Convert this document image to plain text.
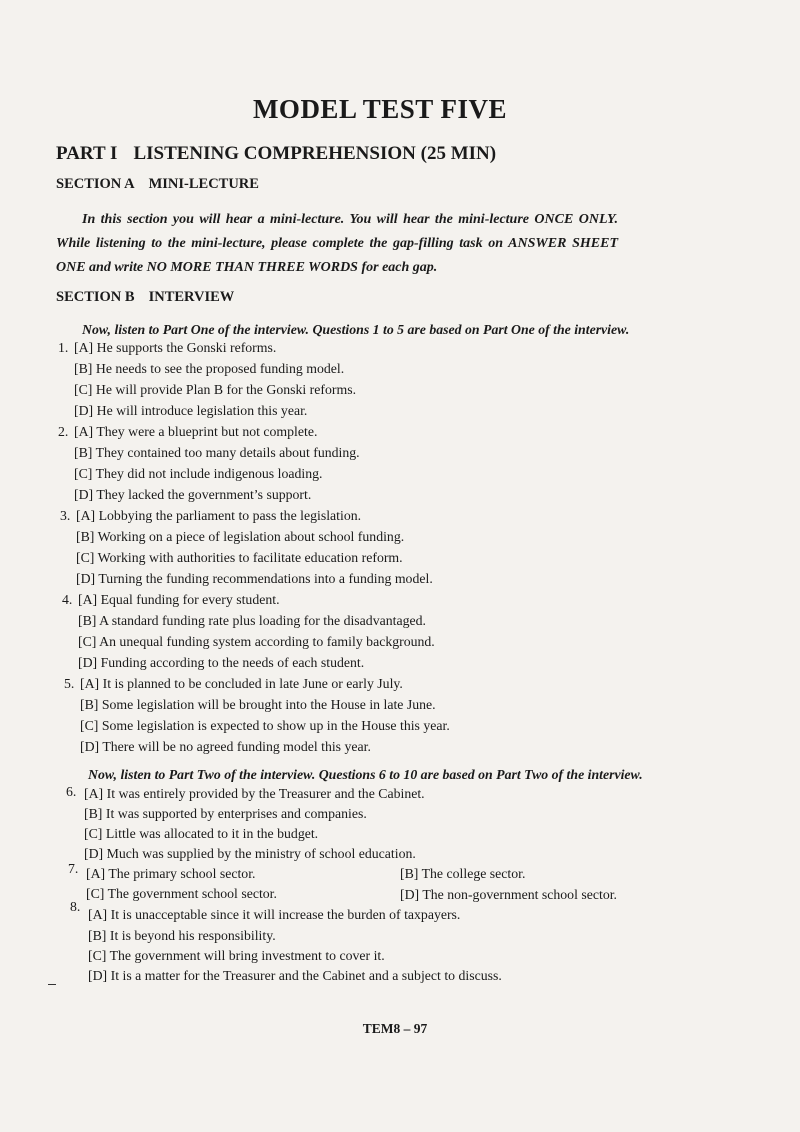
MODEL TEST FIVE
PART I LISTENING COMPREHENSION (25 MIN)
SECTION A MINI-LECTURE
In this section you will hear a mini-lecture. You will hear the mini-lecture ONCE ONLY. While listening to the mini-lecture, please complete the gap-filling task on ANSWER SHEET ONE and write NO MORE THAN THREE WORDS for each gap.
SECTION B INTERVIEW
Now, listen to Part One of the interview. Questions 1 to 5 are based on Part One of the interview.
1. [A] He supports the Gonski reforms.
[B] He needs to see the proposed funding model.
[C] He will provide Plan B for the Gonski reforms.
[D] He will introduce legislation this year.
2. [A] They were a blueprint but not complete.
[B] They contained too many details about funding.
[C] They did not include indigenous loading.
[D] They lacked the government’s support.
3. [A] Lobbying the parliament to pass the legislation.
[B] Working on a piece of legislation about school funding.
[C] Working with authorities to facilitate education reform.
[D] Turning the funding recommendations into a funding model.
4. [A] Equal funding for every student.
[B] A standard funding rate plus loading for the disadvantaged.
[C] An unequal funding system according to family background.
[D] Funding according to the needs of each student.
5. [A] It is planned to be concluded in late June or early July.
[B] Some legislation will be brought into the House in late June.
[C] Some legislation is expected to show up in the House this year.
[D] There will be no agreed funding model this year.
Now, listen to Part Two of the interview. Questions 6 to 10 are based on Part Two of the interview.
6. [A] It was entirely provided by the Treasurer and the Cabinet.
[B] It was supported by enterprises and companies.
[C] Little was allocated to it in the budget.
[D] Much was supplied by the ministry of school education.
7. [A] The primary school sector.	[B] The college sector.
[C] The government school sector.	[D] The non-government school sector.
8.
[A] It is unacceptable since it will increase the burden of taxpayers.
[B] It is beyond his responsibility.
[C] The government will bring investment to cover it.
[D] It is a matter for the Treasurer and the Cabinet and a subject to discuss.
TEM8 – 97
